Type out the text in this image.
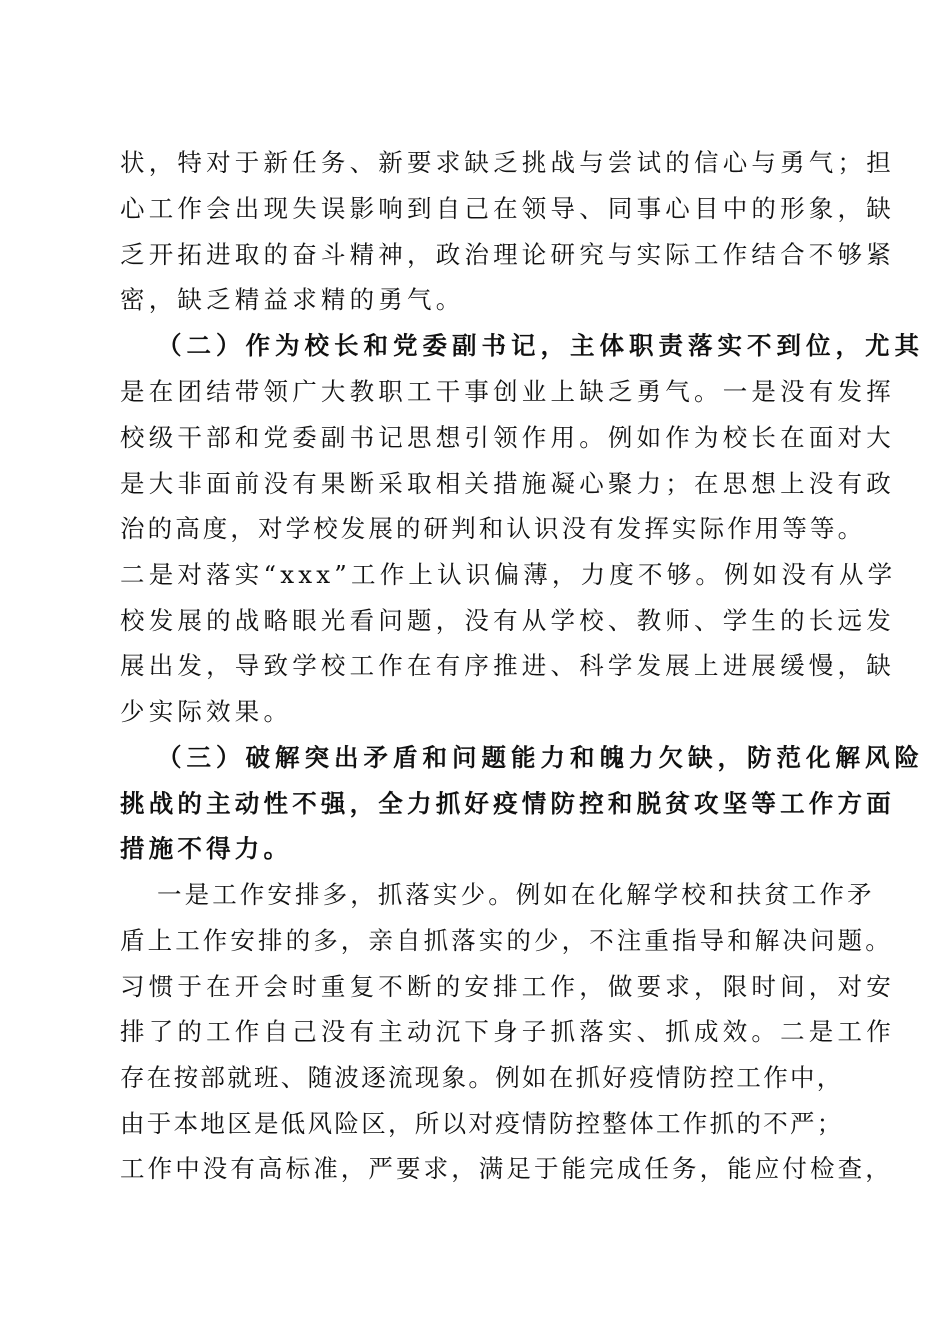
状，特对于新任务、新要求缺乏挑战与尝试的信心与勇气；担
心工作会出现失误影响到自己在领导、同事心目中的形象，缺
乏开拓进取的奋斗精神，政治理论研究与实际工作结合不够紧
密，缺乏精益求精的勇气。
（二）作为校长和党委副书记，主体职责落实不到位，尤其
是在团结带领广大教职工干事创业上缺乏勇气。一是没有发挥
校级干部和党委副书记思想引领作用。例如作为校长在面对大
是大非面前没有果断采取相关措施凝心聚力；在思想上没有政
治的高度，对学校发展的研判和认识没有发挥实际作用等等。
二是对落实“xxx”工作上认识偏薄，力度不够。例如没有从学
校发展的战略眼光看问题，没有从学校、教师、学生的长远发
展出发，导致学校工作在有序推进、科学发展上进展缓慢，缺
少实际效果。
（三）破解突出矛盾和问题能力和魄力欠缺，防范化解风险
挑战的主动性不强，全力抓好疫情防控和脱贫攻坚等工作方面
措施不得力。
一是工作安排多，抓落实少。例如在化解学校和扶贫工作矛
盾上工作安排的多，亲自抓落实的少，不注重指导和解决问题。
习惯于在开会时重复不断的安排工作，做要求，限时间，对安
排了的工作自己没有主动沉下身子抓落实、抓成效。二是工作
存在按部就班、随波逐流现象。例如在抓好疫情防控工作中，
由于本地区是低风险区，所以对疫情防控整体工作抓的不严；
工作中没有高标准，严要求，满足于能完成任务，能应付检查，
